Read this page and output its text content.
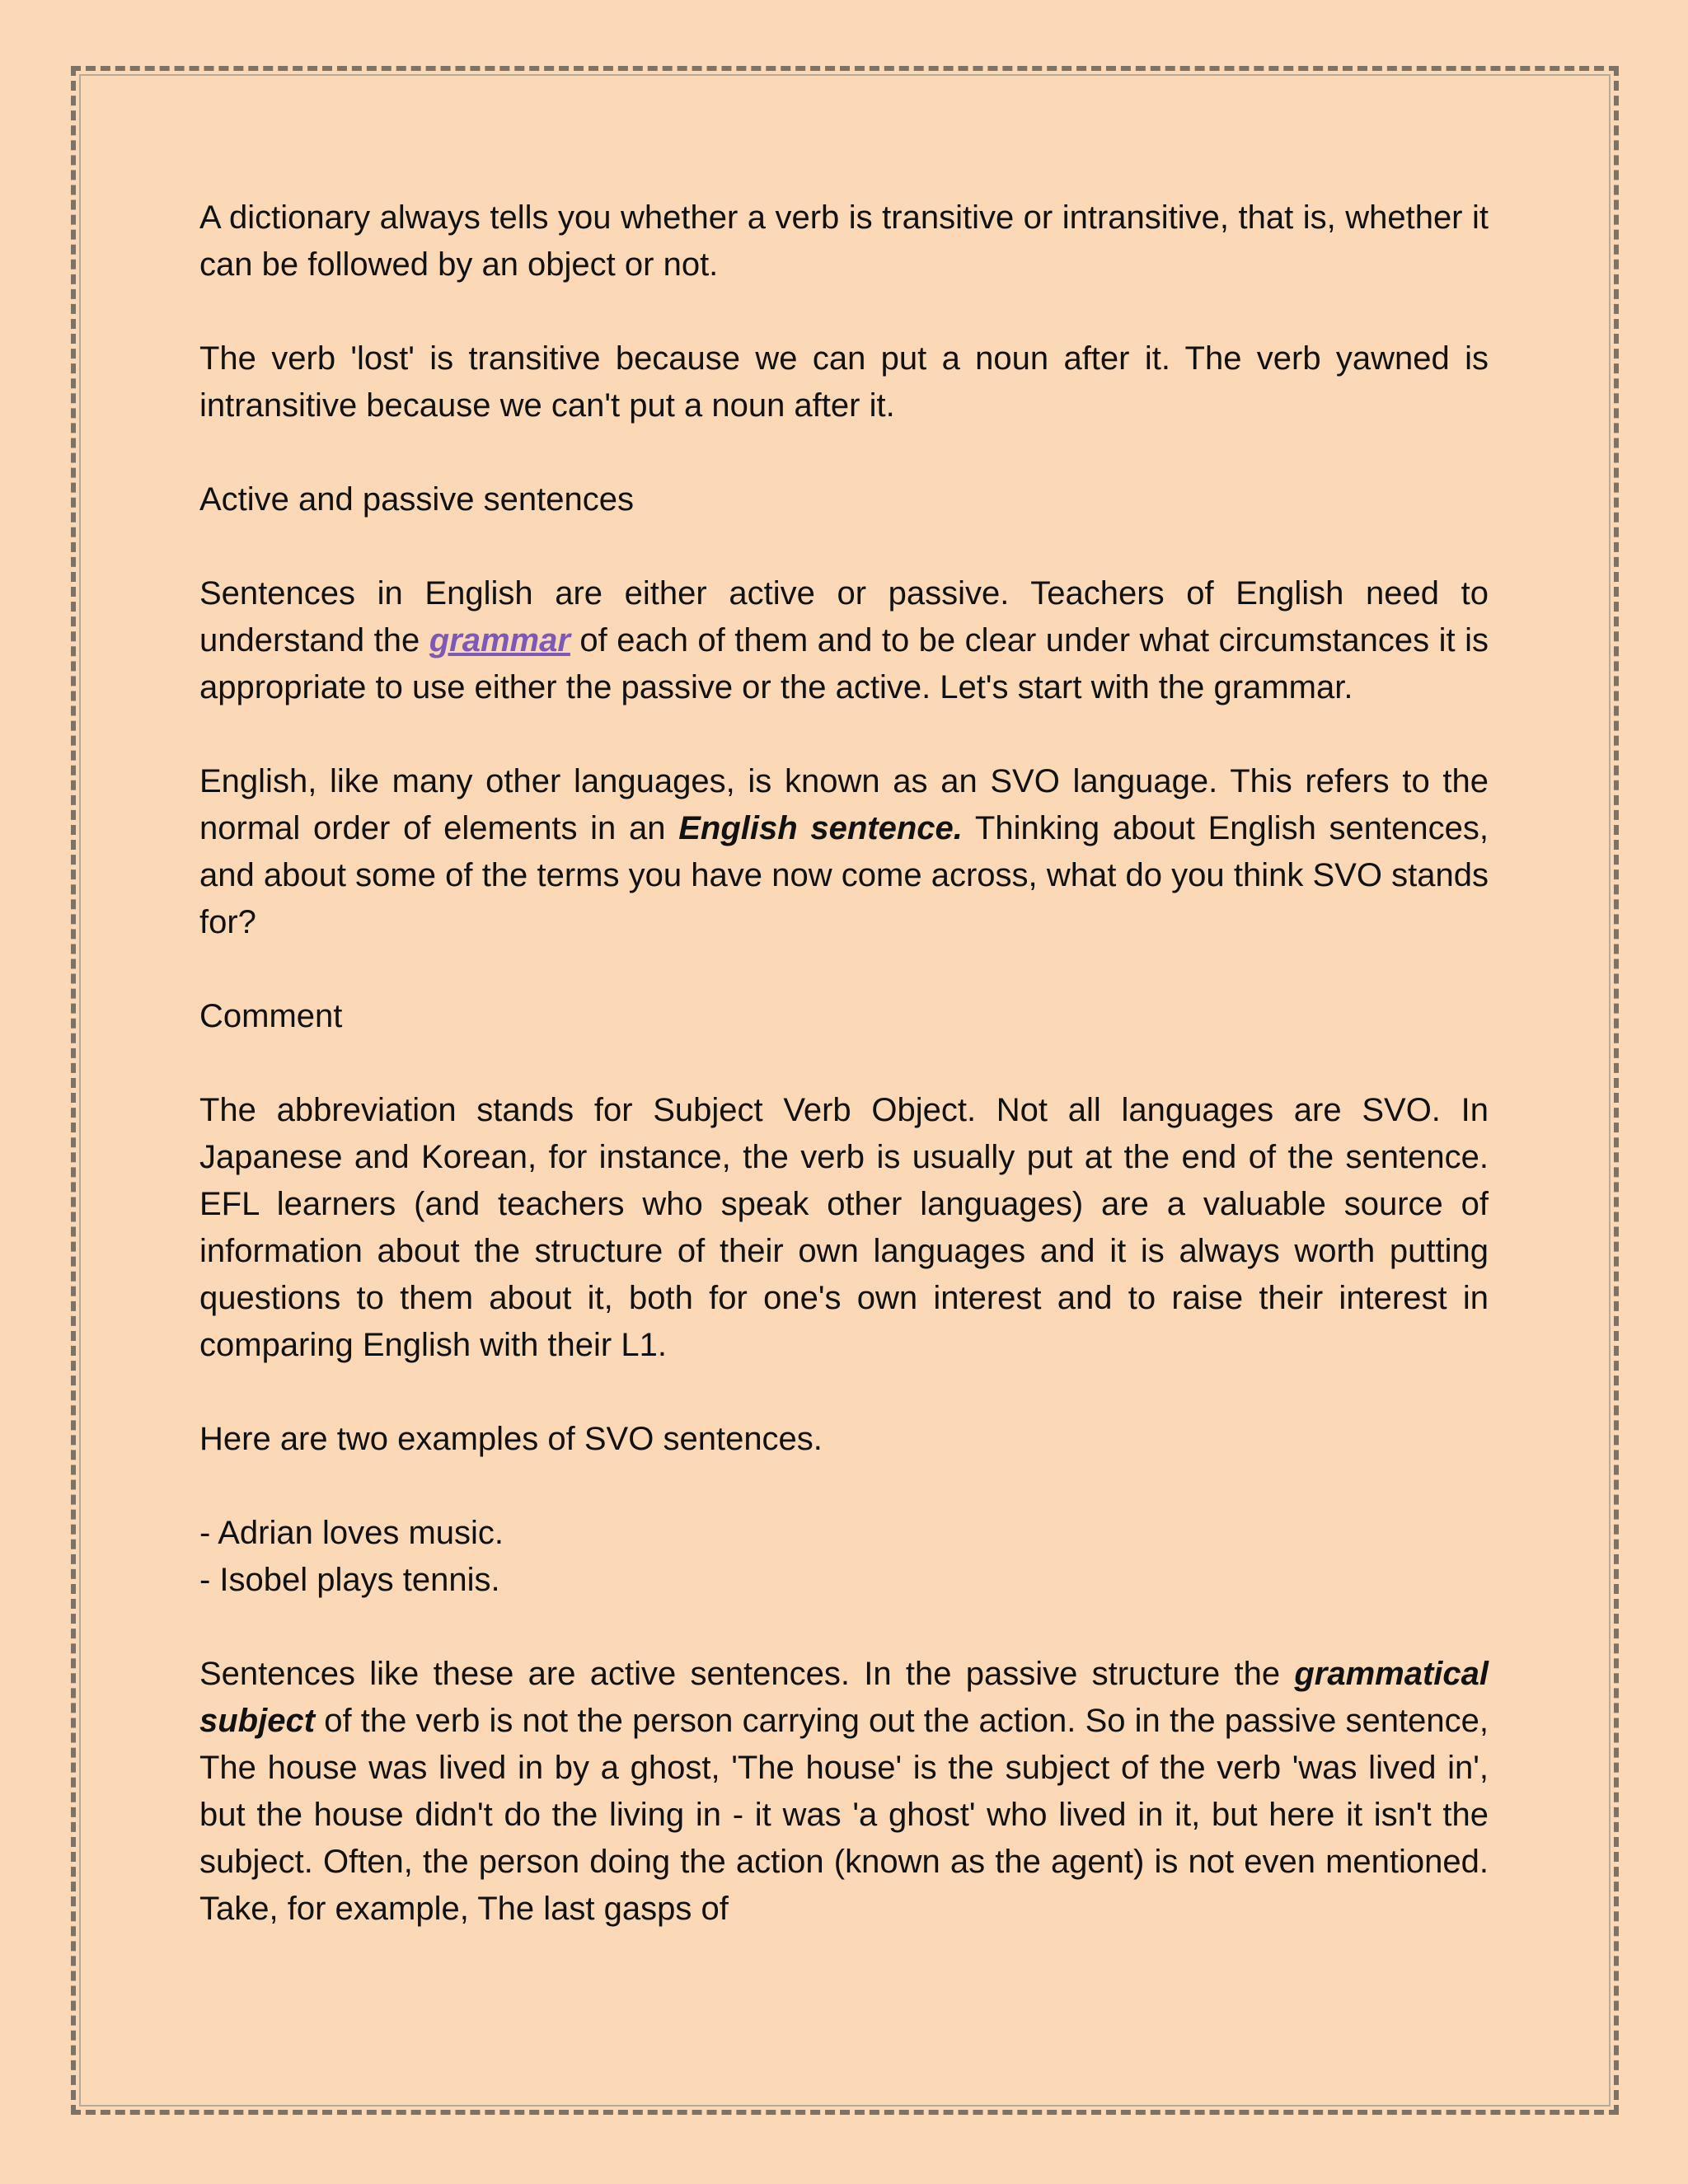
A dictionary always tells you whether a verb is transitive or intransitive, that is, whether it can be followed by an object or not.

The verb 'lost' is transitive because we can put a noun after it. The verb yawned is intransitive because we can't put a noun after it.

Active and passive sentences

Sentences in English are either active or passive. Teachers of English need to understand the grammar of each of them and to be clear under what circumstances it is appropriate to use either the passive or the active. Let's start with the grammar.

English, like many other languages, is known as an SVO language. This refers to the normal order of elements in an English sentence. Thinking about English sentences, and about some of the terms you have now come across, what do you think SVO stands for?

Comment

The abbreviation stands for Subject Verb Object. Not all languages are SVO. In Japanese and Korean, for instance, the verb is usually put at the end of the sentence. EFL learners (and teachers who speak other languages) are a valuable source of information about the structure of their own languages and it is always worth putting questions to them about it, both for one's own interest and to raise their interest in comparing English with their L1.

Here are two examples of SVO sentences.

- Adrian loves music.
- Isobel plays tennis.

Sentences like these are active sentences. In the passive structure the grammatical subject of the verb is not the person carrying out the action. So in the passive sentence, The house was lived in by a ghost, 'The house' is the subject of the verb 'was lived in', but the house didn't do the living in - it was 'a ghost' who lived in it, but here it isn't the subject. Often, the person doing the action (known as the agent) is not even mentioned. Take, for example, The last gasps of
